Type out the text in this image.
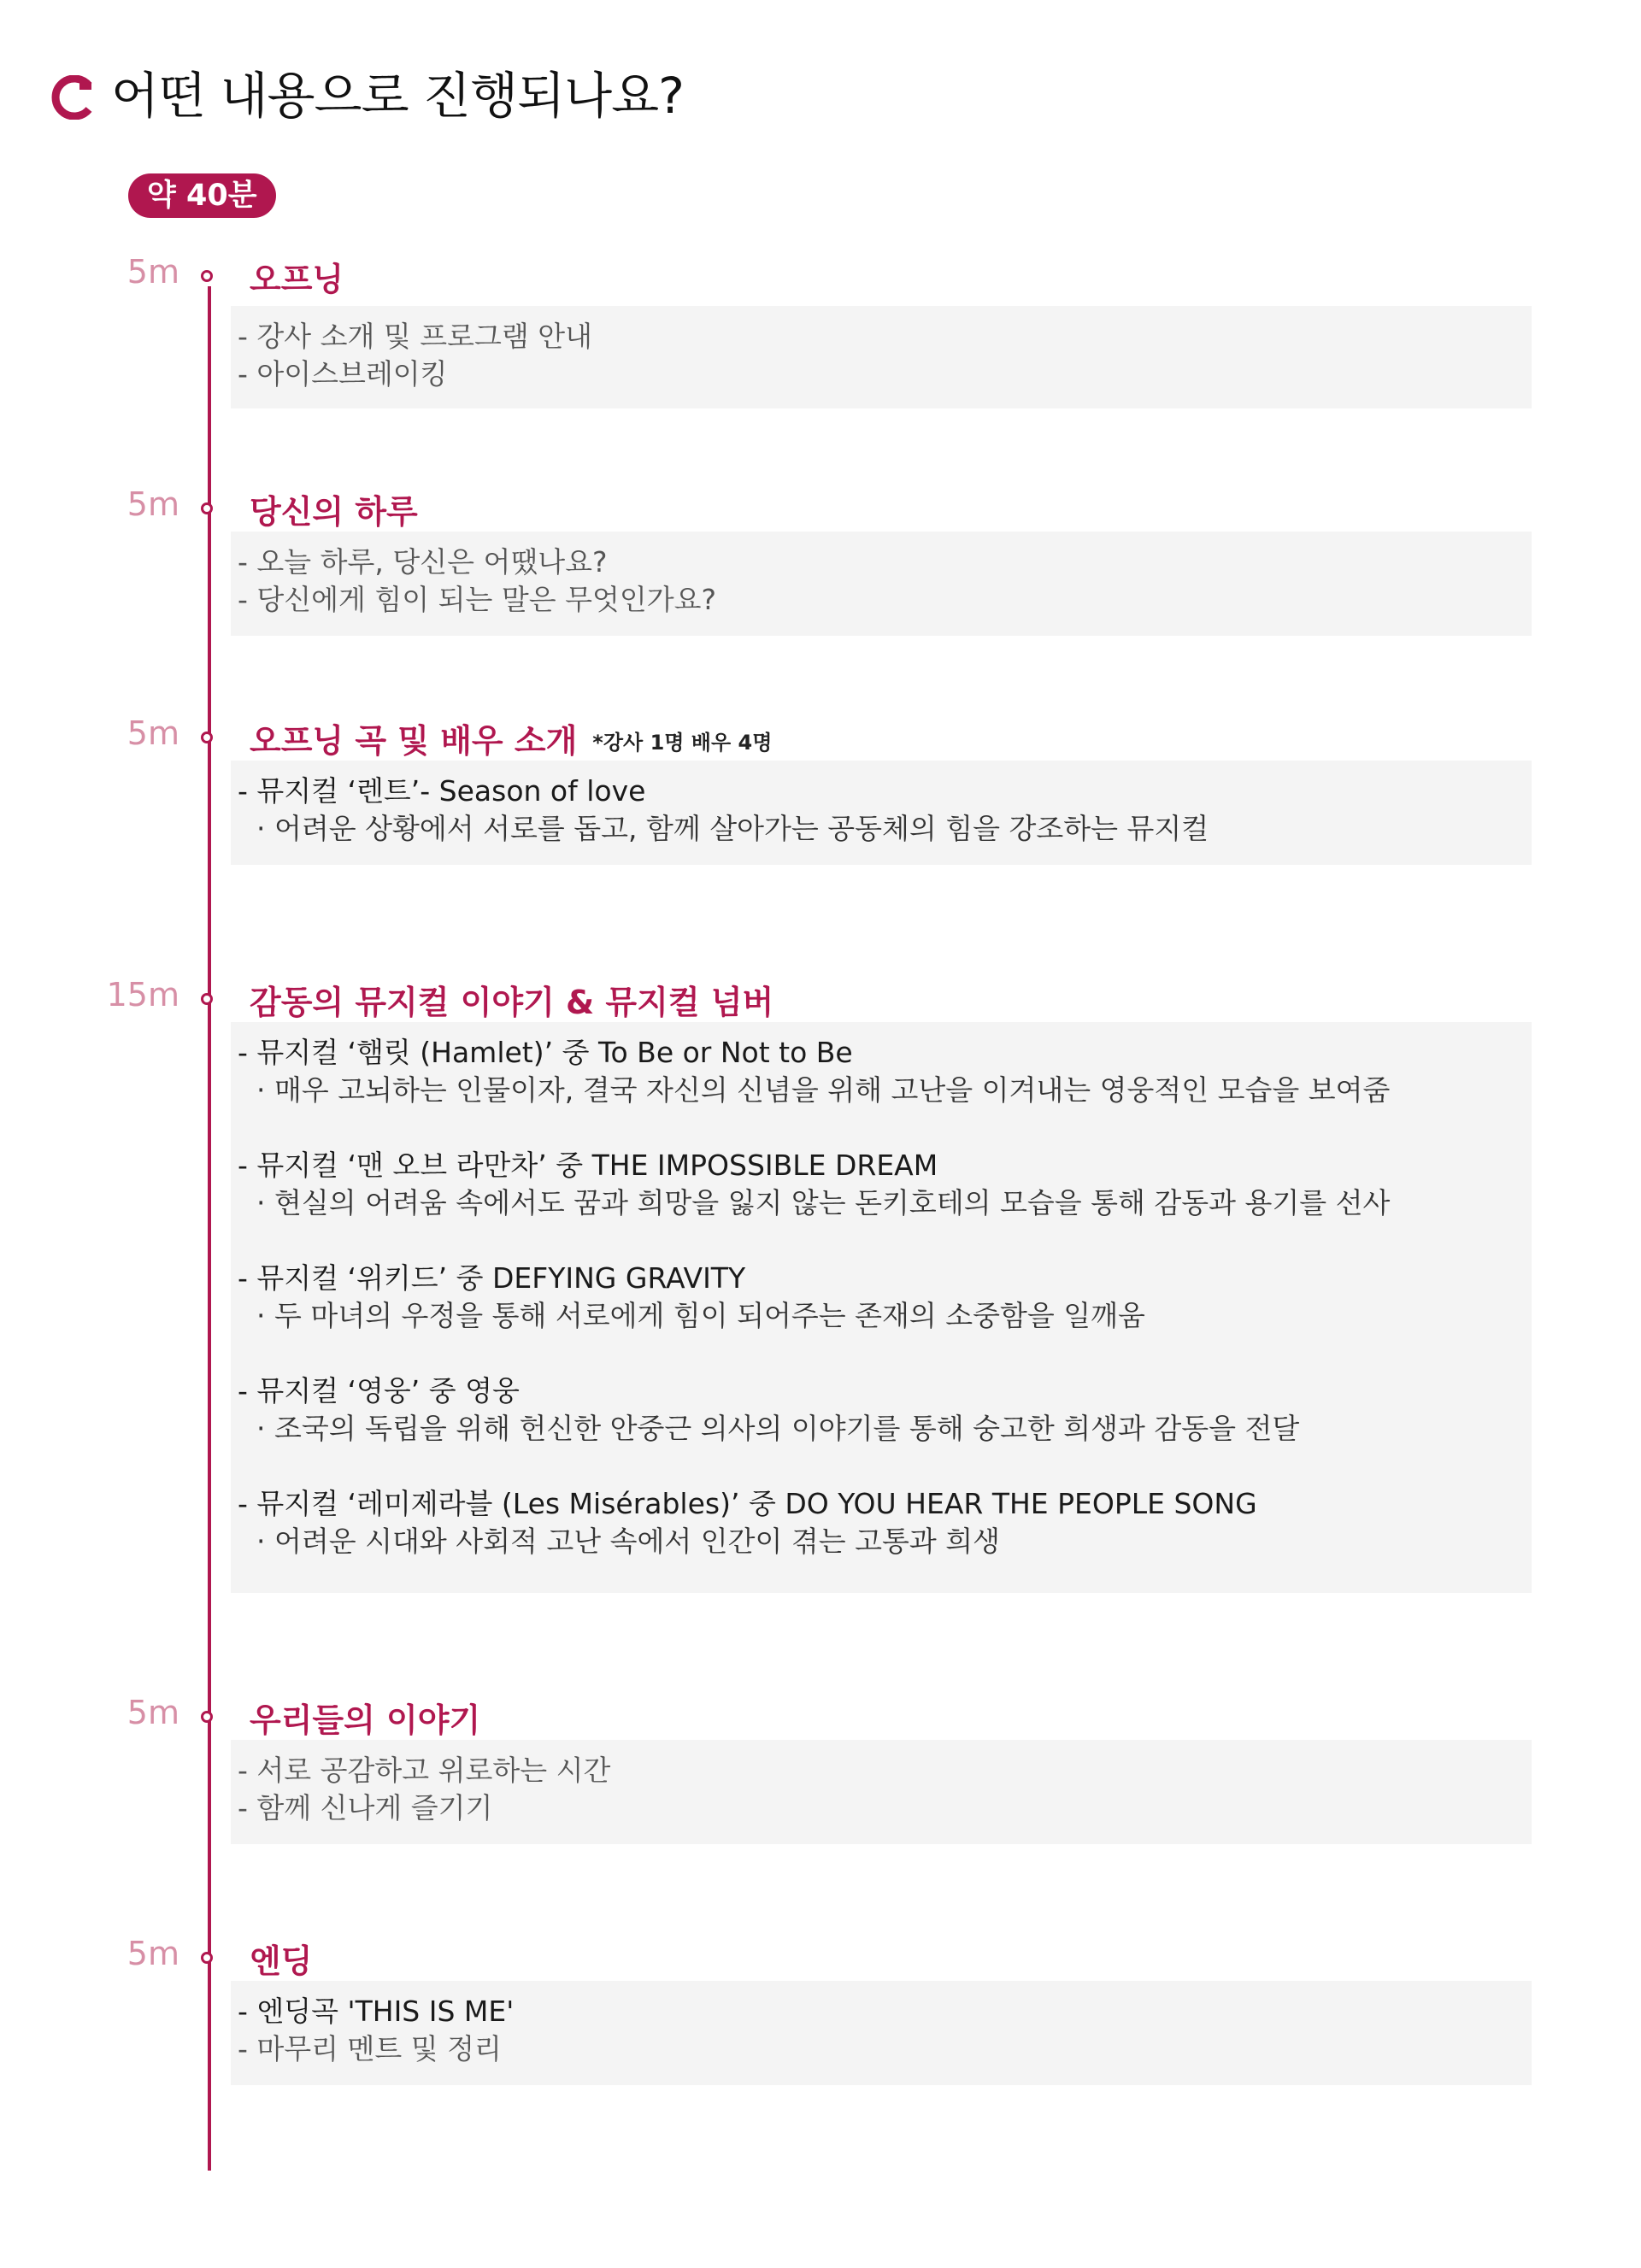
어떤 내용으로 진행되나요?
약 40분
5m 오프닝
- 강사 소개 및 프로그램 안내
- 아이스브레이킹
5m 당신의 하루
- 오늘 하루, 당신은 어땠나요?
- 당신에게 힘이 되는 말은 무엇인가요?
5m 오프닝 곡 및 배우 소개 *강사 1명 배우 4명
- 뮤지컬 ‘렌트’- Season of love
· 어려운 상황에서 서로를 돕고, 함께 살아가는 공동체의 힘을 강조하는 뮤지컬
15m 감동의 뮤지컬 이야기 & 뮤지컬 넘버
- 뮤지컬 ‘햄릿 (Hamlet)’ 중 To Be or Not to Be
· 매우 고뇌하는 인물이자, 결국 자신의 신념을 위해 고난을 이겨내는 영웅적인 모습을 보여줌
- 뮤지컬 ‘맨 오브 라만차’ 중 THE IMPOSSIBLE DREAM
· 현실의 어려움 속에서도 꿈과 희망을 잃지 않는 돈키호테의 모습을 통해 감동과 용기를 선사
- 뮤지컬 ‘위키드’ 중 DEFYING GRAVITY
· 두 마녀의 우정을 통해 서로에게 힘이 되어주는 존재의 소중함을 일깨움
- 뮤지컬 ‘영웅’ 중 영웅
· 조국의 독립을 위해 헌신한 안중근 의사의 이야기를 통해 숭고한 희생과 감동을 전달
- 뮤지컬 ‘레미제라블 (Les Misérables)’ 중 DO YOU HEAR THE PEOPLE SONG
· 어려운 시대와 사회적 고난 속에서 인간이 겪는 고통과 희생
5m 우리들의 이야기
- 서로 공감하고 위로하는 시간
- 함께 신나게 즐기기
5m 엔딩
- 엔딩곡 'THIS IS ME'
- 마무리 멘트 및 정리
